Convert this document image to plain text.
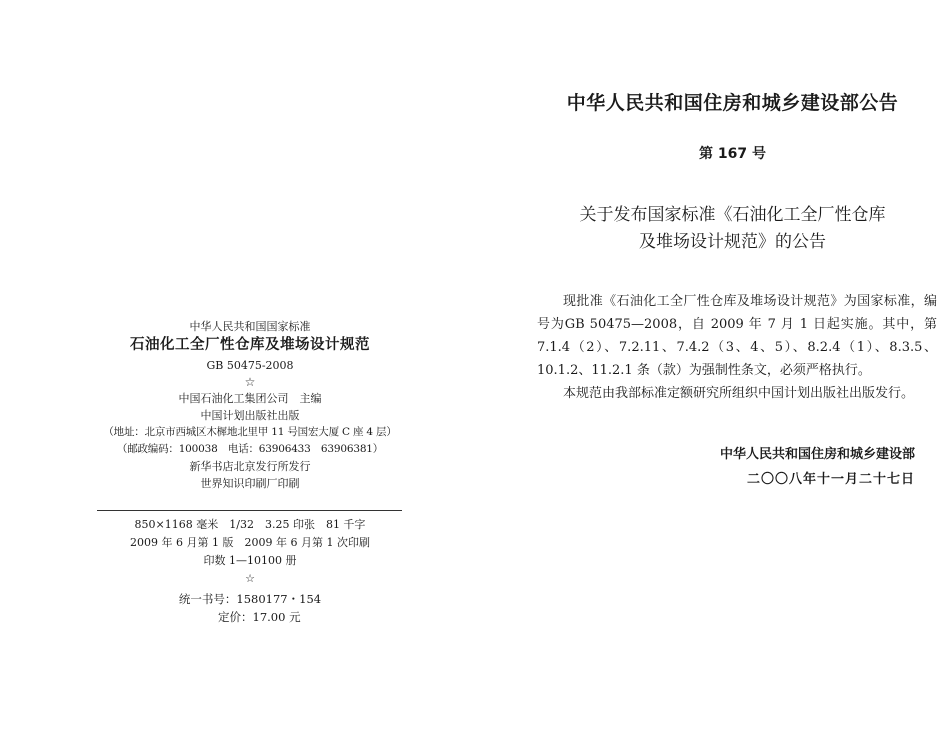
中华人民共和国国家标准
石油化工全厂性仓库及堆场设计规范
GB 50475-2008
☆
中国石油化工集团公司　主编
中国计划出版社出版
（地址：北京市西城区木樨地北里甲 11 号国宏大厦 C 座 4 层）
（邮政编码：100038　电话：63906433　63906381）
新华书店北京发行所发行
世界知识印刷厂印刷
850×1168 毫米　1/32　3.25 印张　81 千字
2009 年 6 月第 1 版　2009 年 6 月第 1 次印刷
印数 1—10100 册
☆
统一书号：1580177・154
定价：17.00 元
中华人民共和国住房和城乡建设部公告
第 167 号
关于发布国家标准《石油化工全厂性仓库
及堆场设计规范》的公告

现批准《石油化工全厂性仓库及堆场设计规范》为国家标准，编号为GB 50475—2008，自 2009 年 7 月 1 日起实施。其中，第 7.1.4（2）、7.2.11、7.4.2（3、4、5）、8.2.4（1）、8.3.5、10.1.2、11.2.1 条（款）为强制性条文，必须严格执行。

本规范由我部标准定额研究所组织中国计划出版社出版发行。

中华人民共和国住房和城乡建设部
二〇〇八年十一月二十七日
